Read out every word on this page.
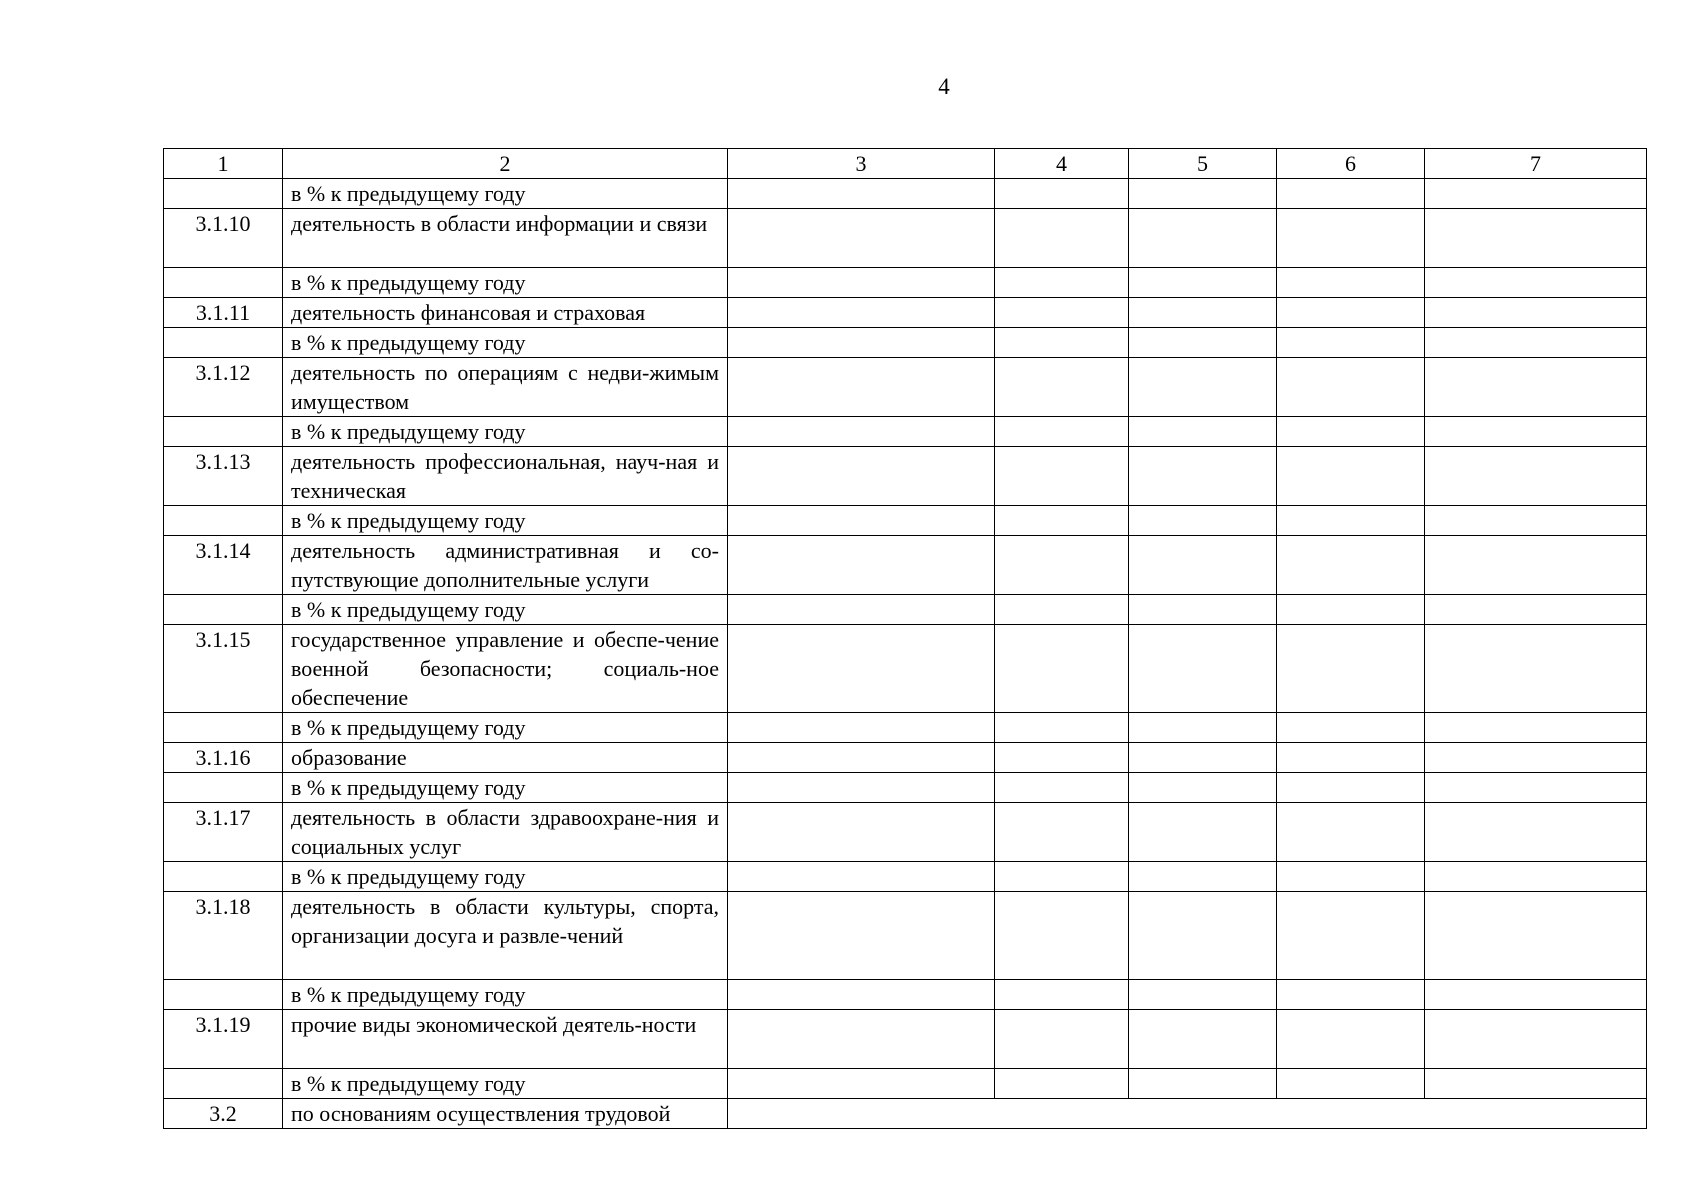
4
1	2	3	4	5	6	7
	в % к предыдущему году					
3.1.10	деятельность в области информации и связи					
	в % к предыдущему году					
3.1.11	деятельность финансовая и страховая					
	в % к предыдущему году					
3.1.12	деятельность по операциям с недви-жимым имуществом					
	в % к предыдущему году					
3.1.13	деятельность профессиональная, науч-ная и техническая					
	в % к предыдущему году					
3.1.14	деятельность административная и со-путствующие дополнительные услуги					
	в % к предыдущему году					
3.1.15	государственное управление и обеспе-чение военной безопасности; социаль-ное обеспечение					
	в % к предыдущему году					
3.1.16	образование					
	в % к предыдущему году					
3.1.17	деятельность в области здравоохране-ния и социальных услуг					
	в % к предыдущему году					
3.1.18	деятельность в области культуры, спорта, организации досуга и развле-чений					
	в % к предыдущему году					
3.1.19	прочие виды экономической деятель-ности					
	в % к предыдущему году					
3.2	по основаниям осуществления трудовой					
